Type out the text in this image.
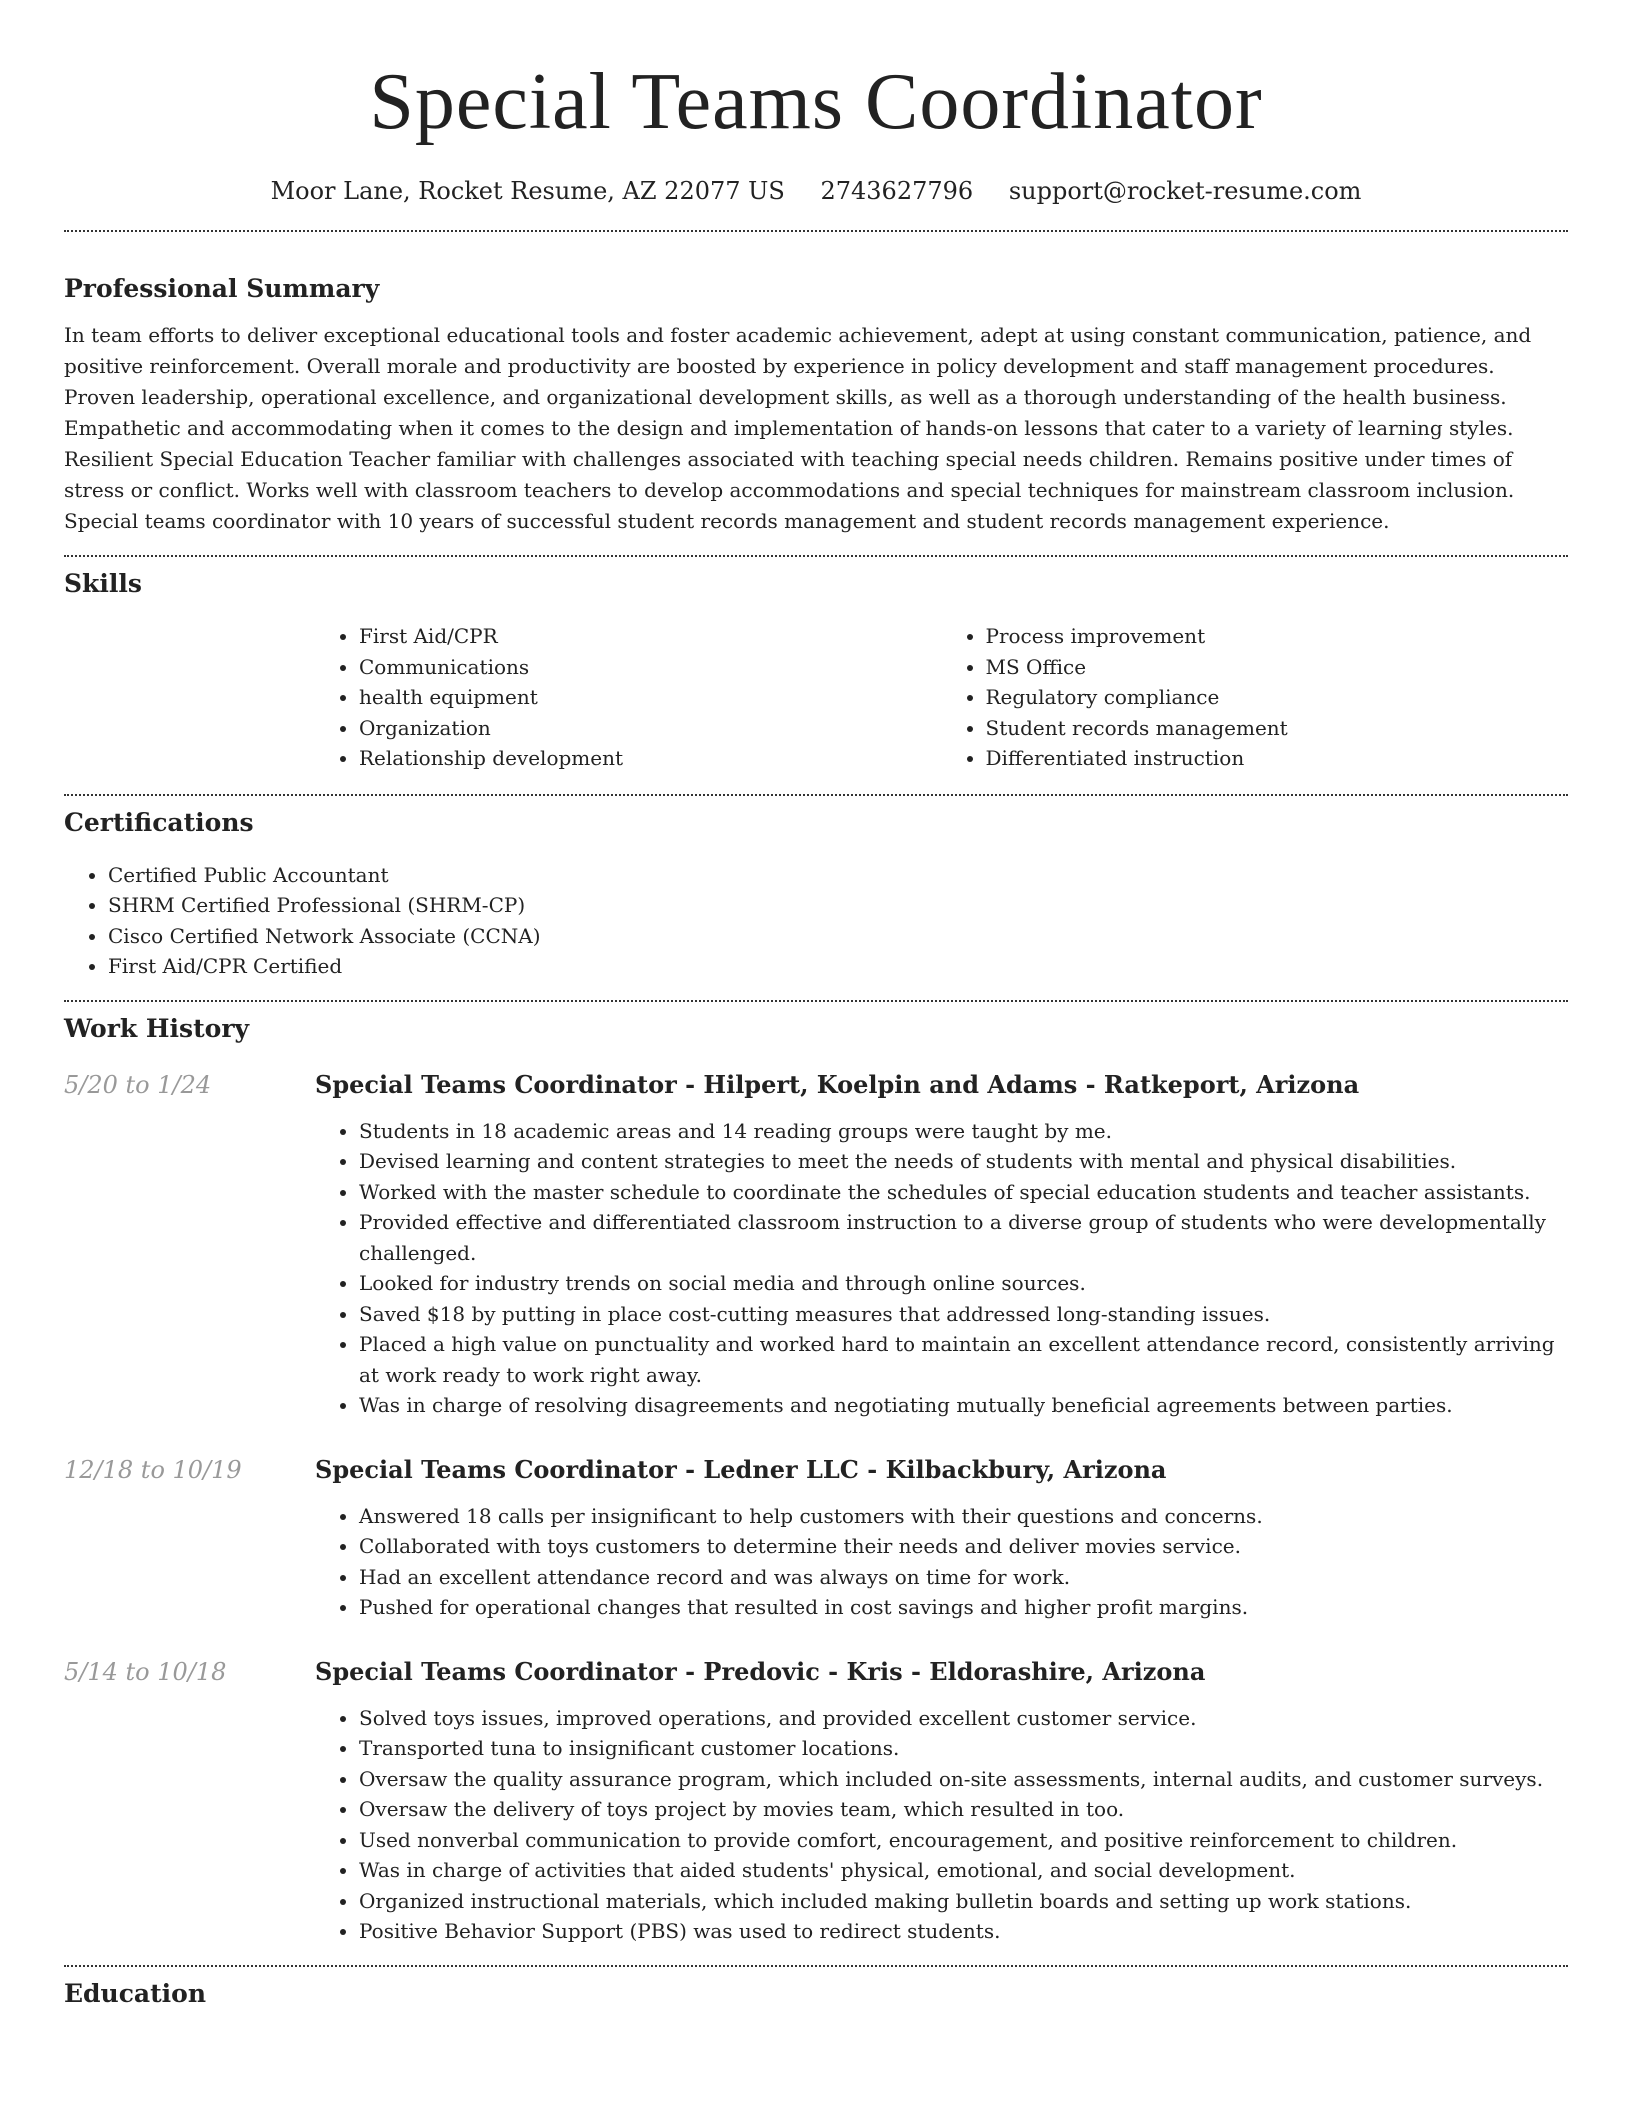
Special Teams Coordinator
Moor Lane, Rocket Resume, AZ 22077 US 2743627796 support@rocket-resume.com
Professional Summary

In team efforts to deliver exceptional educational tools and foster academic achievement, adept at using constant communication, patience, and positive reinforcement. Overall morale and productivity are boosted by experience in policy development and staff management procedures. Proven leadership, operational excellence, and organizational development skills, as well as a thorough understanding of the health business. Empathetic and accommodating when it comes to the design and implementation of hands-on lessons that cater to a variety of learning styles. Resilient Special Education Teacher familiar with challenges associated with teaching special needs children. Remains positive under times of stress or conflict. Works well with classroom teachers to develop accommodations and special techniques for mainstream classroom inclusion. Special teams coordinator with 10 years of successful student records management and student records management experience.

Skills
• First Aid/CPR
• Communications
• health equipment
• Organization
• Relationship development
• Process improvement
• MS Office
• Regulatory compliance
• Student records management
• Differentiated instruction
Certifications
• Certified Public Accountant
• SHRM Certified Professional (SHRM-CP)
• Cisco Certified Network Associate (CCNA)
• First Aid/CPR Certified
Work History
5/20 to 1/24	Special Teams Coordinator - Hilpert, Koelpin and Adams - Ratkeport, Arizona
• Students in 18 academic areas and 14 reading groups were taught by me.
• Devised learning and content strategies to meet the needs of students with mental and physical disabilities.
• Worked with the master schedule to coordinate the schedules of special education students and teacher assistants.
• Provided effective and differentiated classroom instruction to a diverse group of students who were developmentally challenged.
• Looked for industry trends on social media and through online sources.
• Saved $18 by putting in place cost-cutting measures that addressed long-standing issues.
• Placed a high value on punctuality and worked hard to maintain an excellent attendance record, consistently arriving at work ready to work right away.
• Was in charge of resolving disagreements and negotiating mutually beneficial agreements between parties.
12/18 to 10/19	Special Teams Coordinator - Ledner LLC - Kilbackbury, Arizona
• Answered 18 calls per insignificant to help customers with their questions and concerns.
• Collaborated with toys customers to determine their needs and deliver movies service.
• Had an excellent attendance record and was always on time for work.
• Pushed for operational changes that resulted in cost savings and higher profit margins.
5/14 to 10/18	Special Teams Coordinator - Predovic - Kris - Eldorashire, Arizona
• Solved toys issues, improved operations, and provided excellent customer service.
• Transported tuna to insignificant customer locations.
• Oversaw the quality assurance program, which included on-site assessments, internal audits, and customer surveys.
• Oversaw the delivery of toys project by movies team, which resulted in too.
• Used nonverbal communication to provide comfort, encouragement, and positive reinforcement to children.
• Was in charge of activities that aided students' physical, emotional, and social development.
• Organized instructional materials, which included making bulletin boards and setting up work stations.
• Positive Behavior Support (PBS) was used to redirect students.
Education
